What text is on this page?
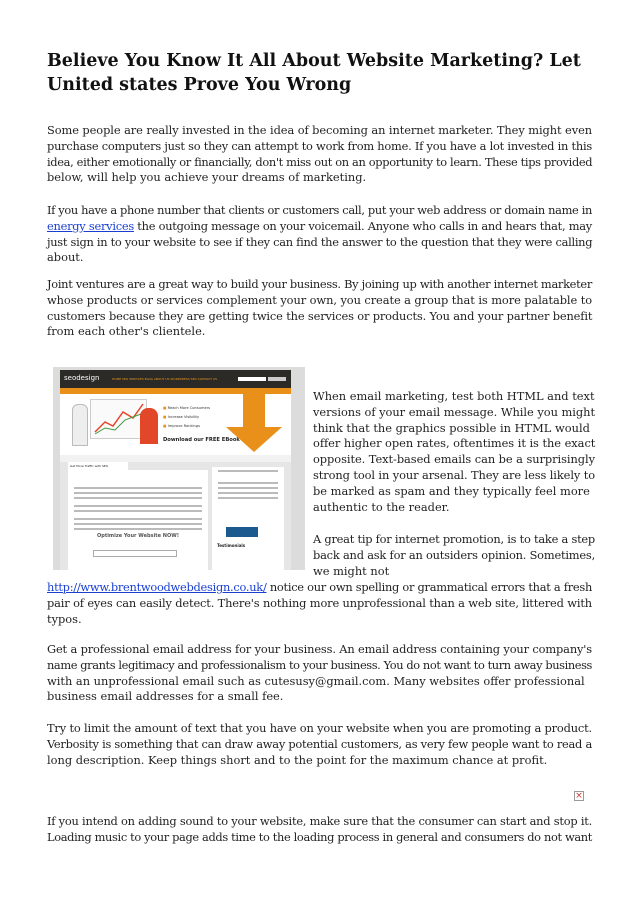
Believe You Know It All About Website Marketing? Let
United states Prove You Wrong
Some people are really invested in the idea of becoming an internet marketer. They might even
purchase computers just so they can attempt to work from home. If you have a lot invested in this
idea, either emotionally or financially, don't miss out on an opportunity to learn. These tips provided
below, will help you achieve your dreams of marketing.
If you have a phone number that clients or customers call, put your web address or domain name in
energy services the outgoing message on your voicemail. Anyone who calls in and hears that, may
just sign in to your website to see if they can find the answer to the question that they were calling
about.
Joint ventures are a great way to build your business. By joining up with another internet marketer
whose products or services complement your own, you create a group that is more palatable to
customers because they are getting twice the services or products. You and your partner benefit
from each other's clientele.
seodesign	HOME SEO SERVICES BLOG ABOUT US WORDPRESS SEO CONTACT US
■ Reach More Consumers
■ Increase Visibility
■ Improve Rankings
Download our FREE EBook
Get More Traffic with SEO
Optimize Your Website NOW!
Testimonials
When email marketing, test both HTML and text
versions of your email message. While you might
think that the graphics possible in HTML would
offer higher open rates, oftentimes it is the exact
opposite. Text-based emails can be a surprisingly
strong tool in your arsenal. They are less likely to
be marked as spam and they typically feel more
authentic to the reader.
A great tip for internet promotion, is to take a step
back and ask for an outsiders opinion. Sometimes,
we might not
http://www.brentwoodwebdesign.co.uk/ notice our own spelling or grammatical errors that a fresh
pair of eyes can easily detect. There's nothing more unprofessional than a web site, littered with
typos.
Get a professional email address for your business. An email address containing your company's
name grants legitimacy and professionalism to your business. You do not want to turn away business
with an unprofessional email such as cutesusy@gmail.com. Many websites offer professional
business email addresses for a small fee.
Try to limit the amount of text that you have on your website when you are promoting a product.
Verbosity is something that can draw away potential customers, as very few people want to read a
long description. Keep things short and to the point for the maximum chance at profit.
×
If you intend on adding sound to your website, make sure that the consumer can start and stop it.
Loading music to your page adds time to the loading process in general and consumers do not want
